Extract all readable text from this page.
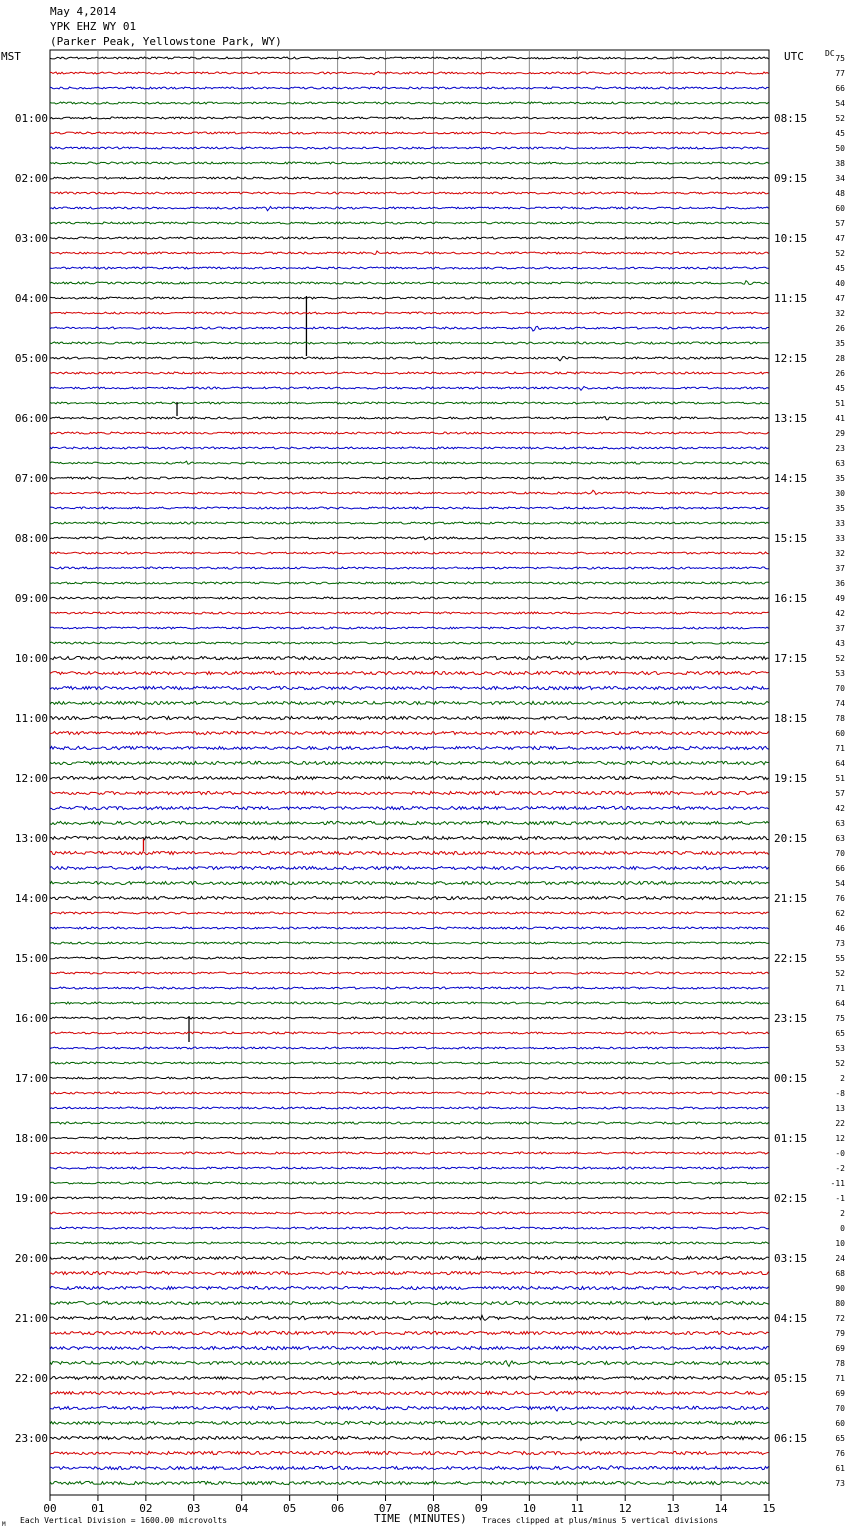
May 4,2014
YPK EHZ WY 01
(Parker Peak, Yellowstone Park, WY)
MST	UTC	DC
75
77
66
54
52
45
50
38
34
48
60
57
47
52
45
40
47
32
26
35
28
26
45
51
41
29
23
63
35
30
35
33
33
32
37
36
49
42
37
43
52
53
70
74
78
60
71
64
51
57
42
63
63
70
66
54
76
62
46
73
55
52
71
64
75
65
53
52
2
-8
13
22
12
-0
-2
-11
-1
2
0
10
24
68
90
80
72
79
69
78
71
69
70
60
65
76
61
73
01:00
02:00
03:00
04:00
05:00
06:00
07:00
08:00
09:00
10:00
11:00
12:00
13:00
14:00
15:00
16:00
17:00
18:00
19:00
20:00
21:00
22:00
23:00
08:15
09:15
10:15
11:15
12:15
13:15
14:15
15:15
16:15
17:15
18:15
19:15
20:15
21:15
22:15
23:15
00:15
01:15
02:15
03:15
04:15
05:15
06:15
00	01	02	03	04	05	06	07	08	09	10	11	12	13	14	15
Each Vertical Division = 1600.00 microvolts	TIME (MINUTES) Traces clipped at plus/minus 5 vertical divisions
M
